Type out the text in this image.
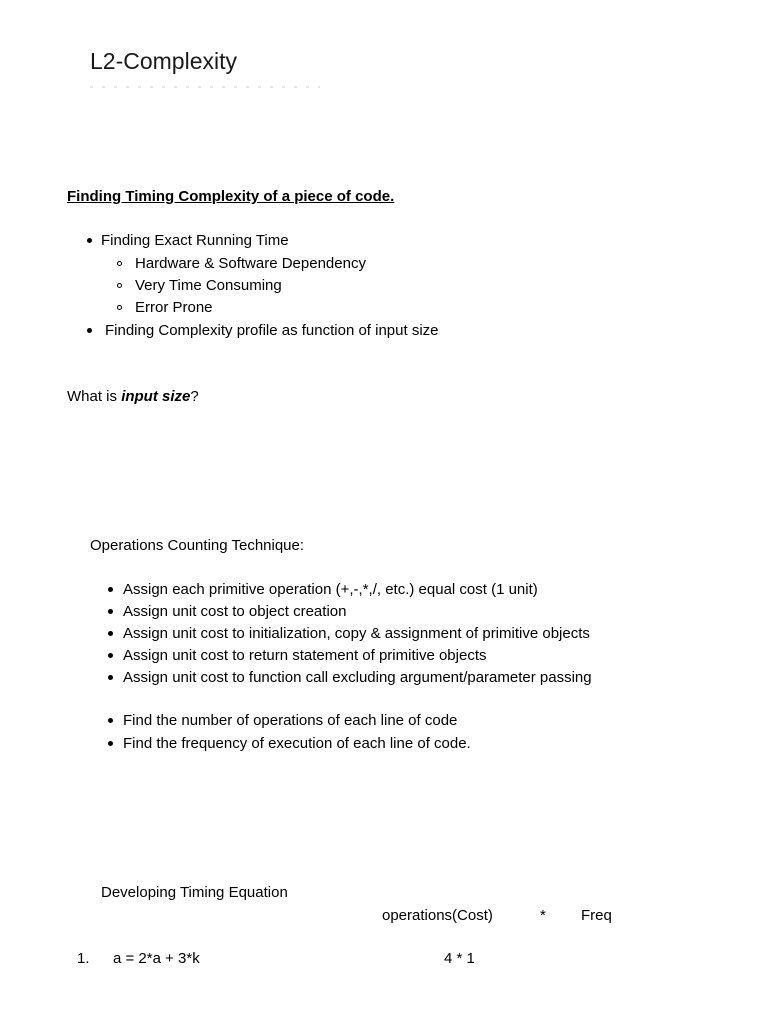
L2-Complexity
Finding Timing Complexity of a piece of code.
Finding Exact Running Time
Hardware & Software Dependency
Very Time Consuming
Error Prone
Finding Complexity profile as function of input size
What is input size?
Operations Counting Technique:
Assign each primitive operation (+,-,*,/, etc.) equal cost (1 unit)
Assign unit cost to object creation
Assign unit cost to initialization, copy & assignment of primitive objects
Assign unit cost to return statement of primitive objects
Assign unit cost to function call excluding argument/parameter passing
Find the number of operations of each line of code
Find the frequency of execution of each line of code.
Developing Timing Equation
operations(Cost)	* Freq
1. a = 2*a + 3*k	4 * 1
